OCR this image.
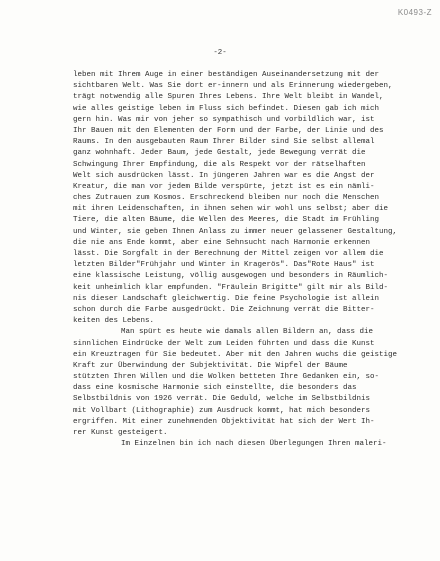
K0493-Z
-2-
leben mit Ihrem Auge in einer beständigen Auseinandersetzung mit der
sichtbaren Welt. Was Sie dort er-innern und als Erinnerung wiedergeben,
trägt notwendig alle Spuren Ihres Lebens. Ihre Welt bleibt in Wandel,
wie alles geistige leben im Fluss sich befindet. Diesen gab ich mich
gern hin. Was mir von jeher so sympathisch und vorbildlich war, ist
Ihr Bauen mit den Elementen der Form und der Farbe, der Linie und des
Raums. In den ausgebauten Raum Ihrer Bilder sind Sie selbst allemal
ganz wohnhaft. Jeder Baum, jede Gestalt, jede Bewegung verrät die
Schwingung Ihrer Empfindung, die als Respekt vor der rätselhaften
Welt sich ausdrücken lässt. In jüngeren Jahren war es die Angst der
Kreatur, die man vor jedem Bilde verspürte, jetzt ist es ein nämli-
ches Zutrauen zum Kosmos. Erschreckend bleiben nur noch die Menschen
mit ihren Leidenschaften, in ihnen sehen wir wohl uns selbst; aber die
Tiere, die alten Bäume, die Wellen des Meeres, die Stadt im Frühling
und Winter, sie geben Ihnen Anlass zu immer neuer gelassener Gestaltung,
die nie ans Ende kommt, aber eine Sehnsucht nach Harmonie erkennen
lässt. Die Sorgfalt in der Berechnung der Mittel zeigen vor allem die
letzten Bilder"Frühjahr und Winter in Kragerös". Das"Rote Haus" ist
eine klassische Leistung, völlig ausgewogen und besonders in Räumlich-
keit unheimlich klar empfunden. "Fräulein Brigitte" gilt mir als Bild-
nis dieser Landschaft gleichwertig. Die feine Psychologie ist allein
schon durch die Farbe ausgedrückt. Die Zeichnung verrät die Bitter-
keiten des Lebens.
Man spürt es heute wie damals allen Bildern an, dass die
sinnlichen Eindrücke der Welt zum Leiden führten und dass die Kunst
ein Kreuztragen für Sie bedeutet. Aber mit den Jahren wuchs die geistige
Kraft zur Überwindung der Subjektivität. Die Wipfel der Bäume
stützten Ihren Willen und die Wolken betteten Ihre Gedanken ein, so-
dass eine kosmische Harmonie sich einstellte, die besonders das
Selbstbildnis von 1926 verrät. Die Geduld, welche im Selbstbildnis
mit Vollbart (Lithographie) zum Ausdruck kommt, hat mich besonders
ergriffen. Mit einer zunehmenden Objektivität hat sich der Wert Ih-
rer Kunst gesteigert.
Im Einzelnen bin ich nach diesen Überlegungen Ihren maleri-
